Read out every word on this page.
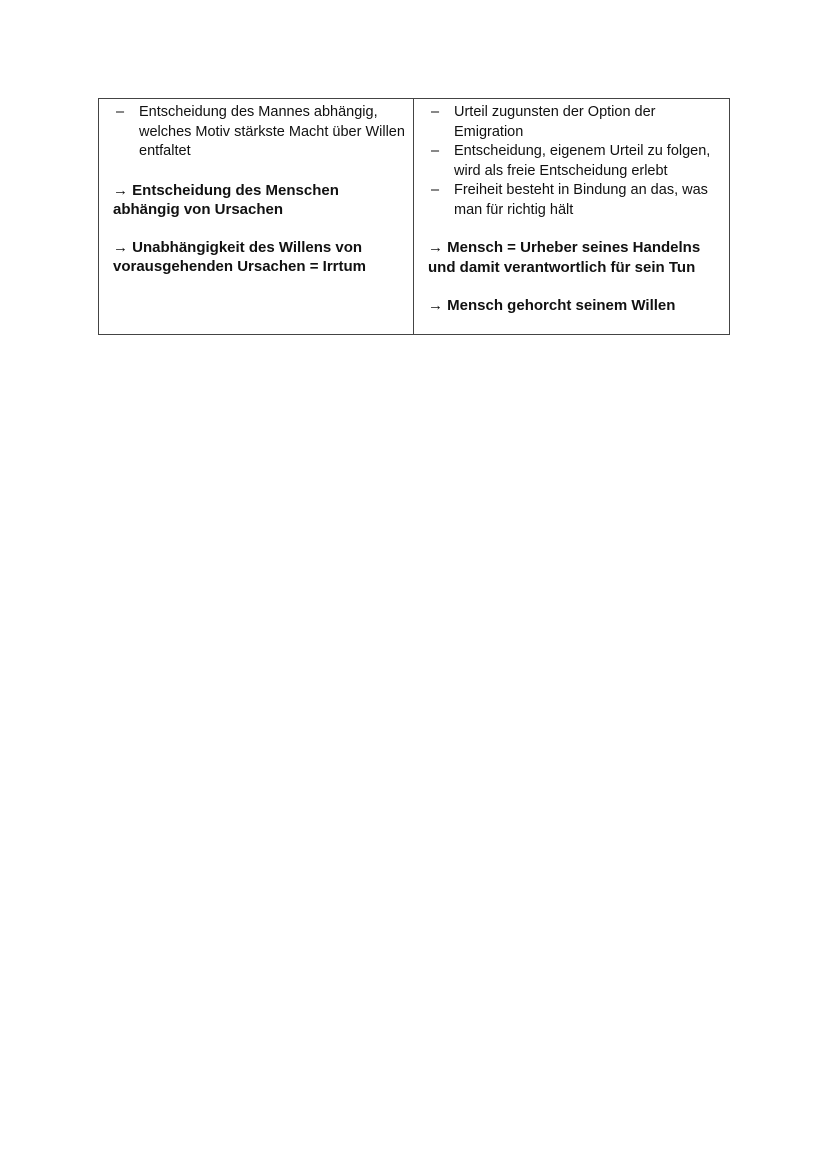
– Entscheidung des Mannes abhängig, welches Motiv stärkste Macht über Willen entfaltet

→ Entscheidung des Menschen abhängig von Ursachen

→ Unabhängigkeit des Willens von vorausgehenden Ursachen = Irrtum

– Urteil zugunsten der Option der Emigration
– Entscheidung, eigenem Urteil zu folgen, wird als freie Entscheidung erlebt
– Freiheit besteht in Bindung an das, was man für richtig hält

→ Mensch = Urheber seines Handelns und damit verantwortlich für sein Tun

→ Mensch gehorcht seinem Willen
